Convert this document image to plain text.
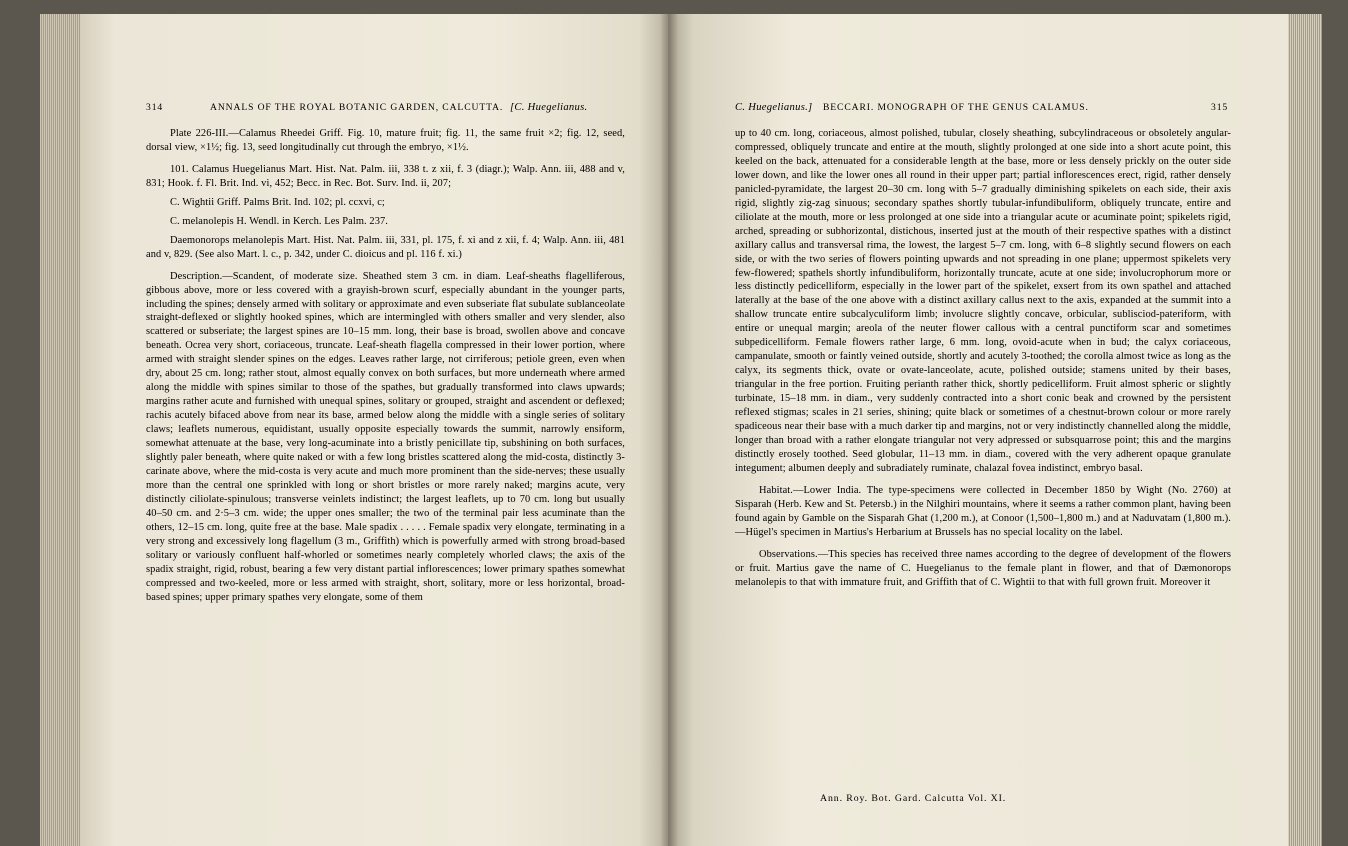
314	ANNALS OF THE ROYAL BOTANIC GARDEN, CALCUTTA. [C. Huegelianus.

Plate 226-III.—Calamus Rheedei Griff. Fig. 10, mature fruit; fig. 11, the same fruit ×2; fig. 12, seed, dorsal view, ×1½; fig. 13, seed longitudinally cut through the embryo, ×1½.

101. Calamus Huegelianus Mart. Hist. Nat. Palm. iii, 338 t. z xii, f. 3 (diagr.); Walp. Ann. iii, 488 and v, 831; Hook. f. Fl. Brit. Ind. vi, 452; Becc. in Rec. Bot. Surv. Ind. ii, 207;

C. Wightii Griff. Palms Brit. Ind. 102; pl. ccxvi, c;

C. melanolepis H. Wendl. in Kerch. Les Palm. 237.

Daemonorops melanolepis Mart. Hist. Nat. Palm. iii, 331, pl. 175, f. xi and z xii, f. 4; Walp. Ann. iii, 481 and v, 829. (See also Mart. l. c., p. 342, under C. dioicus and pl. 116 f. xi.)

Description.—Scandent, of moderate size. Sheathed stem 3 cm. in diam. Leaf-sheaths flagelliferous, gibbous above, more or less covered with a grayish-brown scurf, especially abundant in the younger parts, including the spines; densely armed with solitary or approximate and even subseriate flat subulate sublanceolate straight-deflexed or slightly hooked spines, which are intermingled with others smaller and very slender, also scattered or subseriate; the largest spines are 10–15 mm. long, their base is broad, swollen above and concave beneath. Ocrea very short, coriaceous, truncate. Leaf-sheath flagella compressed in their lower portion, where armed with straight slender spines on the edges. Leaves rather large, not cirriferous; petiole green, even when dry, about 25 cm. long; rather stout, almost equally convex on both surfaces, but more underneath where armed along the middle with spines similar to those of the spathes, but gradually transformed into claws upwards; margins rather acute and furnished with unequal spines, solitary or grouped, straight and ascendent or deflexed; rachis acutely bifaced above from near its base, armed below along the middle with a single series of solitary claws; leaflets numerous, equidistant, usually opposite especially towards the summit, narrowly ensiform, somewhat attenuate at the base, very long-acuminate into a bristly penicillate tip, subshining on both surfaces, slightly paler beneath, where quite naked or with a few long bristles scattered along the mid-costa, distinctly 3-carinate above, where the mid-costa is very acute and much more prominent than the side-nerves; these usually more than the central one sprinkled with long or short bristles or more rarely naked; margins acute, very distinctly ciliolate-spinulous; transverse veinlets indistinct; the largest leaflets, up to 70 cm. long but usually 40–50 cm. and 2·5–3 cm. wide; the upper ones smaller; the two of the terminal pair less acuminate than the others, 12–15 cm. long, quite free at the base. Male spadix . . . . . Female spadix very elongate, terminating in a very strong and excessively long flagellum (3 m., Griffith) which is powerfully armed with strong broad-based solitary or variously confluent half-whorled or sometimes nearly completely whorled claws; the axis of the spadix straight, rigid, robust, bearing a few very distant partial inflorescences; lower primary spathes somewhat compressed and two-keeled, more or less armed with straight, short, solitary, more or less horizontal, broad-based spines; upper primary spathes very elongate, some of them

C. Huegelianus.] BECCARI. MONOGRAPH OF THE GENUS CALAMUS.	315

up to 40 cm. long, coriaceous, almost polished, tubular, closely sheathing, subcylindraceous or obsoletely angular-compressed, obliquely truncate and entire at the mouth, slightly prolonged at one side into a short acute point, this keeled on the back, attenuated for a considerable length at the base, more or less densely prickly on the outer side lower down, and like the lower ones all round in their upper part; partial inflorescences erect, rigid, rather densely panicled-pyramidate, the largest 20–30 cm. long with 5–7 gradually diminishing spikelets on each side, their axis rigid, slightly zig-zag sinuous; secondary spathes shortly tubular-infundibuliform, obliquely truncate, entire and ciliolate at the mouth, more or less prolonged at one side into a triangular acute or acuminate point; spikelets rigid, arched, spreading or subhorizontal, distichous, inserted just at the mouth of their respective spathes with a distinct axillary callus and transversal rima, the lowest, the largest 5–7 cm. long, with 6–8 slightly secund flowers on each side, or with the two series of flowers pointing upwards and not spreading in one plane; uppermost spikelets very few-flowered; spathels shortly infundibuliform, horizontally truncate, acute at one side; involucrophorum more or less distinctly pedicelliform, especially in the lower part of the spikelet, exsert from its own spathel and attached laterally at the base of the one above with a distinct axillary callus next to the axis, expanded at the summit into a shallow truncate entire subcalyculiform limb; involucre slightly concave, orbicular, sublisciod-pateriform, with entire or unequal margin; areola of the neuter flower callous with a central punctiform scar and sometimes subpedicelliform. Female flowers rather large, 6 mm. long, ovoid-acute when in bud; the calyx coriaceous, campanulate, smooth or faintly veined outside, shortly and acutely 3-toothed; the corolla almost twice as long as the calyx, its segments thick, ovate or ovate-lanceolate, acute, polished outside; stamens united by their bases, triangular in the free portion. Fruiting perianth rather thick, shortly pedicelliform. Fruit almost spheric or slightly turbinate, 15–18 mm. in diam., very suddenly contracted into a short conic beak and crowned by the persistent reflexed stigmas; scales in 21 series, shining; quite black or sometimes of a chestnut-brown colour or more rarely spadiceous near their base with a much darker tip and margins, not or very indistinctly channelled along the middle, longer than broad with a rather elongate triangular not very adpressed or subsquarrose point; this and the margins distinctly erosely toothed. Seed globular, 11–13 mm. in diam., covered with the very adherent opaque granulate integument; albumen deeply and subradiately ruminate, chalazal fovea indistinct, embryo basal.

Habitat.—Lower India. The type-specimens were collected in December 1850 by Wight (No. 2760) at Sisparah (Herb. Kew and St. Petersb.) in the Nilghiri mountains, where it seems a rather common plant, having been found again by Gamble on the Sisparah Ghat (1,200 m.), at Conoor (1,500–1,800 m.) and at Naduvatam (1,800 m.).—Hügel's specimen in Martius's Herbarium at Brussels has no special locality on the label.

Observations.—This species has received three names according to the degree of development of the flowers or fruit. Martius gave the name of C. Huegelianus to the female plant in flower, and that of Dæmonorops melanolepis to that with immature fruit, and Griffith that of C. Wightii to that with full grown fruit. Moreover it

Ann. Roy. Bot. Gard. Calcutta Vol. XI.
